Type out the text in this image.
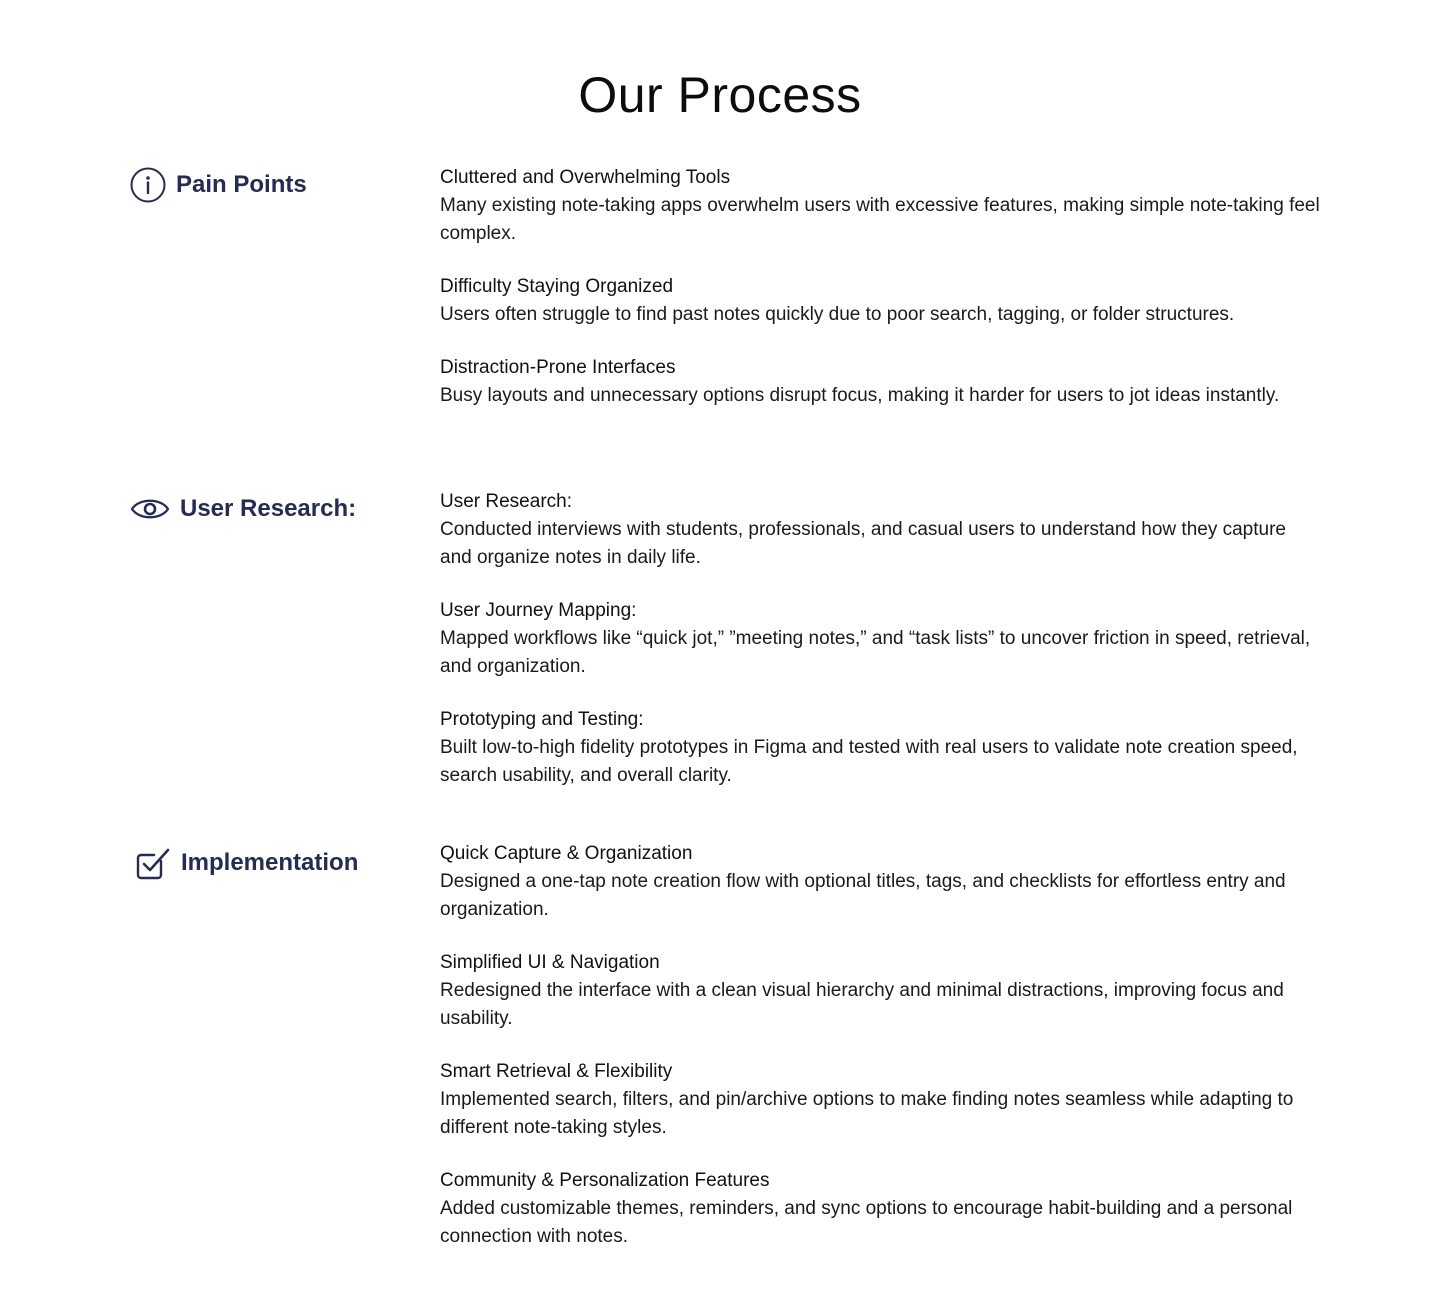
Our Process
Pain Points	Cluttered and Overwhelming Tools
Many existing note-taking apps overwhelm users with excessive features, making simple note-taking feel complex.
Difficulty Staying Organized
Users often struggle to find past notes quickly due to poor search, tagging, or folder structures.
Distraction-Prone Interfaces
Busy layouts and unnecessary options disrupt focus, making it harder for users to jot ideas instantly.
User Research:	User Research:
Conducted interviews with students, professionals, and casual users to understand how they capture and organize notes in daily life.
User Journey Mapping:
Mapped workflows like “quick jot,” ”meeting notes,” and “task lists” to uncover friction in speed, retrieval, and organization.
Prototyping and Testing:
Built low-to-high fidelity prototypes in Figma and tested with real users to validate note creation speed, search usability, and overall clarity.
Implementation	Quick Capture & Organization
Designed a one-tap note creation flow with optional titles, tags, and checklists for effortless entry and organization.
Simplified UI & Navigation
Redesigned the interface with a clean visual hierarchy and minimal distractions, improving focus and usability.
Smart Retrieval & Flexibility
Implemented search, filters, and pin/archive options to make finding notes seamless while adapting to different note-taking styles.
Community & Personalization Features
Added customizable themes, reminders, and sync options to encourage habit-building and a personal connection with notes.
